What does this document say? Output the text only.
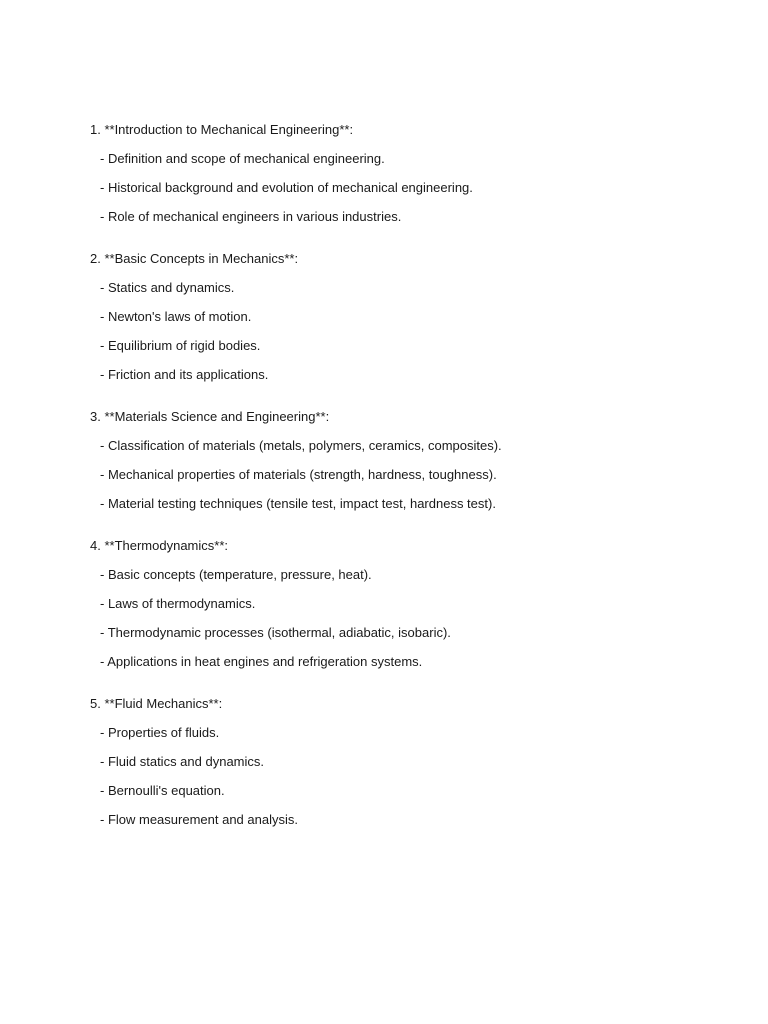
1. **Introduction to Mechanical Engineering**:
- Definition and scope of mechanical engineering.
- Historical background and evolution of mechanical engineering.
- Role of mechanical engineers in various industries.
2. **Basic Concepts in Mechanics**:
- Statics and dynamics.
- Newton's laws of motion.
- Equilibrium of rigid bodies.
- Friction and its applications.
3. **Materials Science and Engineering**:
- Classification of materials (metals, polymers, ceramics, composites).
- Mechanical properties of materials (strength, hardness, toughness).
- Material testing techniques (tensile test, impact test, hardness test).
4. **Thermodynamics**:
- Basic concepts (temperature, pressure, heat).
- Laws of thermodynamics.
- Thermodynamic processes (isothermal, adiabatic, isobaric).
- Applications in heat engines and refrigeration systems.
5. **Fluid Mechanics**:
- Properties of fluids.
- Fluid statics and dynamics.
- Bernoulli's equation.
- Flow measurement and analysis.
